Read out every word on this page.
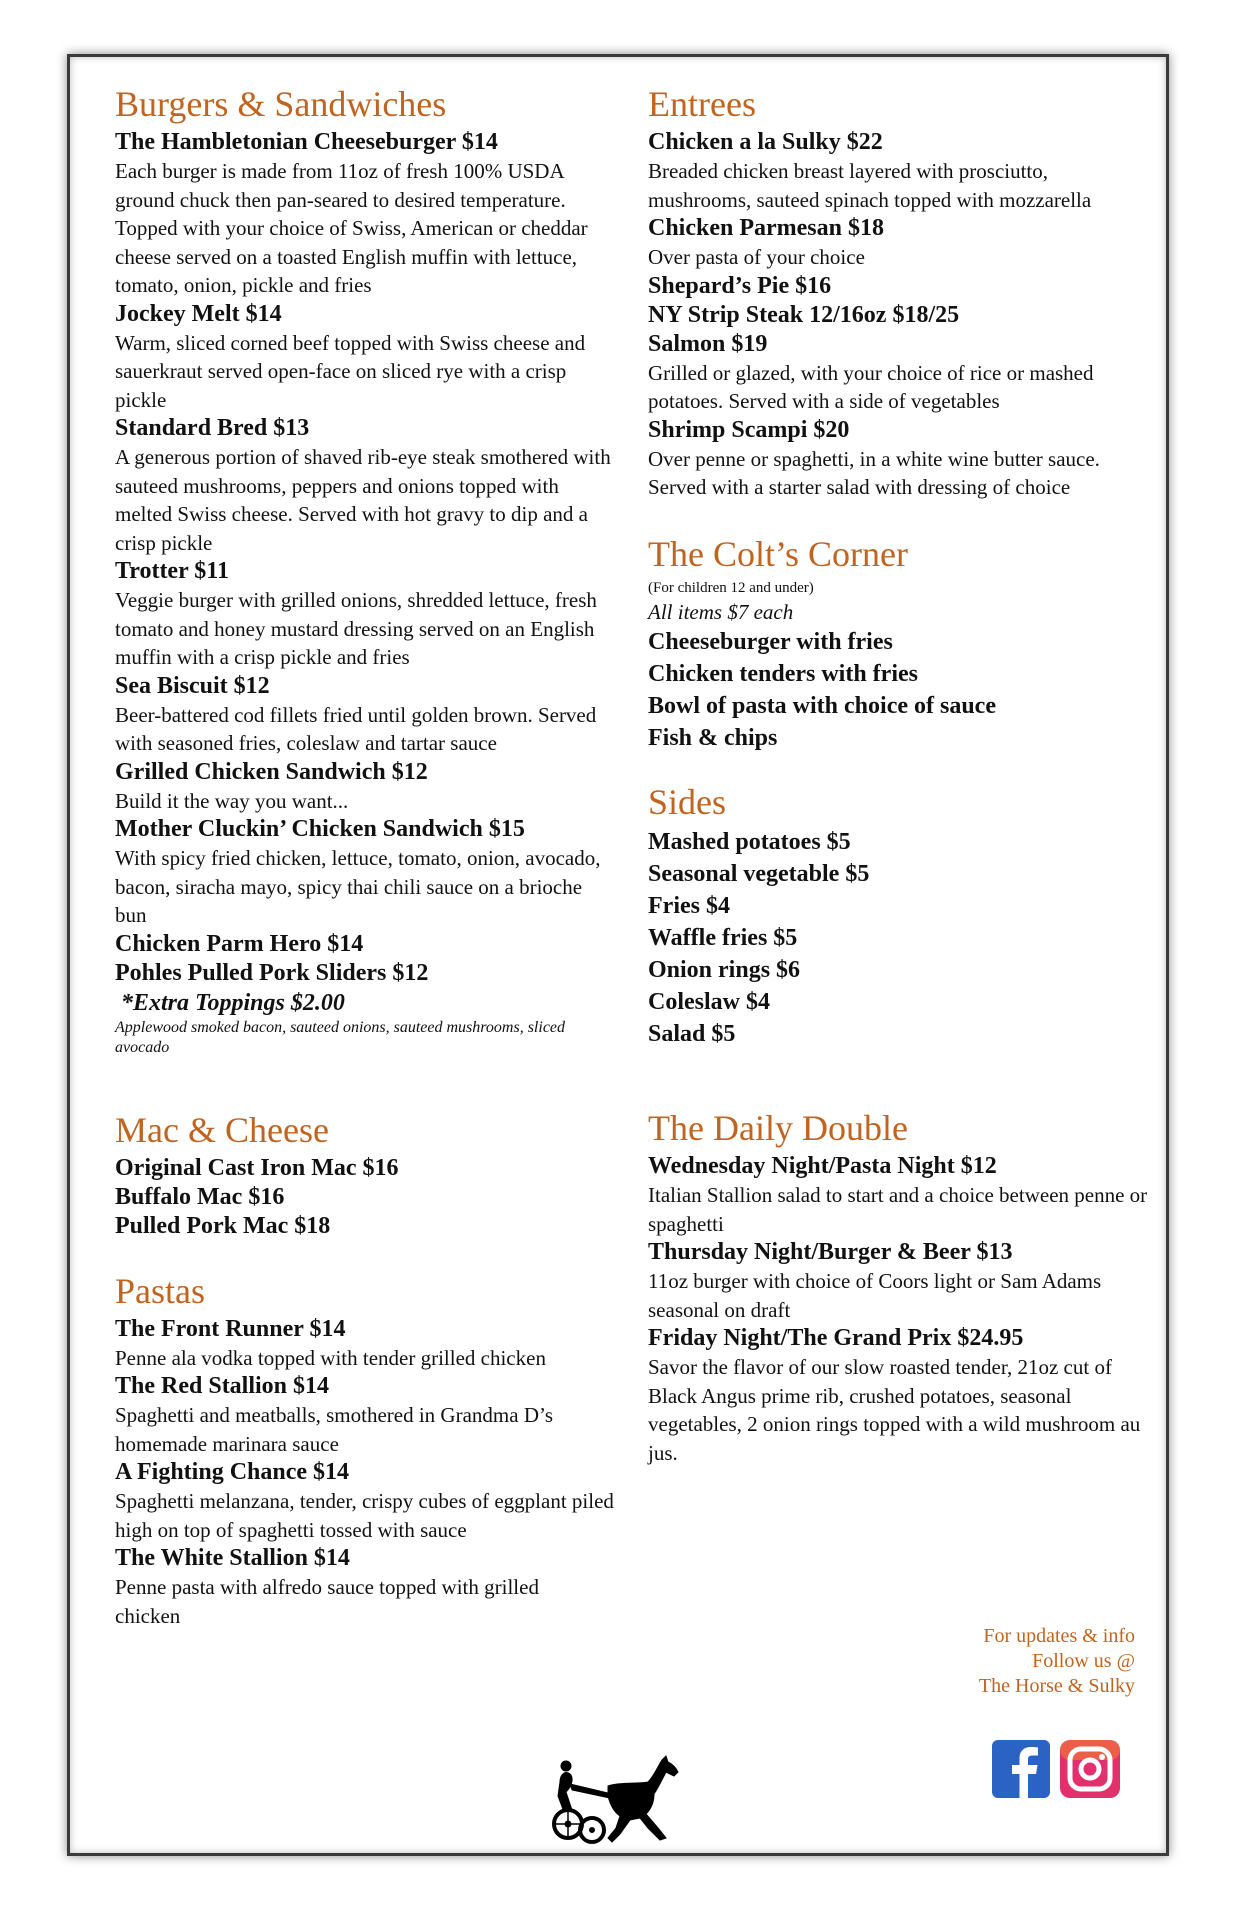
Burgers & Sandwiches
The Hambletonian Cheeseburger $14
Each burger is made from 11oz of fresh 100% USDA ground chuck then pan-seared to desired temperature. Topped with your choice of Swiss, American or cheddar cheese served on a toasted English muffin with lettuce, tomato, onion, pickle and fries
Jockey Melt $14
Warm, sliced corned beef topped with Swiss cheese and sauerkraut served open-face on sliced rye with a crisp pickle
Standard Bred $13
A generous portion of shaved rib-eye steak smothered with sauteed mushrooms, peppers and onions topped with melted Swiss cheese. Served with hot gravy to dip and a crisp pickle
Trotter $11
Veggie burger with grilled onions, shredded lettuce, fresh tomato and honey mustard dressing served on an English muffin with a crisp pickle and fries
Sea Biscuit $12
Beer-battered cod fillets fried until golden brown. Served with seasoned fries, coleslaw and tartar sauce
Grilled Chicken Sandwich $12
Build it the way you want...
Mother Cluckin’ Chicken Sandwich $15
With spicy fried chicken, lettuce, tomato, onion, avocado, bacon, siracha mayo, spicy thai chili sauce on a brioche bun
Chicken Parm Hero $14
Pohles Pulled Pork Sliders $12
*Extra Toppings $2.00
Applewood smoked bacon, sauteed onions, sauteed mushrooms, sliced avocado
Mac & Cheese
Original Cast Iron Mac $16
Buffalo Mac $16
Pulled Pork Mac $18
Pastas
The Front Runner $14
Penne ala vodka topped with tender grilled chicken
The Red Stallion $14
Spaghetti and meatballs, smothered in Grandma D’s homemade marinara sauce
A Fighting Chance $14
Spaghetti melanzana, tender, crispy cubes of eggplant piled high on top of spaghetti tossed with sauce
The White Stallion $14
Penne pasta with alfredo sauce topped with grilled chicken
Entrees
Chicken a la Sulky $22
Breaded chicken breast layered with prosciutto, mushrooms, sauteed spinach topped with mozzarella
Chicken Parmesan $18
Over pasta of your choice
Shepard’s Pie $16
NY Strip Steak 12/16oz $18/25
Salmon $19
Grilled or glazed, with your choice of rice or mashed potatoes. Served with a side of vegetables
Shrimp Scampi $20
Over penne or spaghetti, in a white wine butter sauce. Served with a starter salad with dressing of choice
The Colt’s Corner
(For children 12 and under)
All items $7 each
Cheeseburger with fries
Chicken tenders with fries
Bowl of pasta with choice of sauce
Fish & chips
Sides
Mashed potatoes $5
Seasonal vegetable $5
Fries $4
Waffle fries $5
Onion rings $6
Coleslaw $4
Salad $5
The Daily Double
Wednesday Night/Pasta Night $12
Italian Stallion salad to start and a choice between penne or spaghetti
Thursday Night/Burger & Beer $13
11oz burger with choice of Coors light or Sam Adams seasonal on draft
Friday Night/The Grand Prix $24.95
Savor the flavor of our slow roasted tender, 21oz cut of Black Angus prime rib, crushed potatoes, seasonal vegetables, 2 onion rings topped with a wild mushroom au jus.
For updates & info
Follow us @
The Horse & Sulky
